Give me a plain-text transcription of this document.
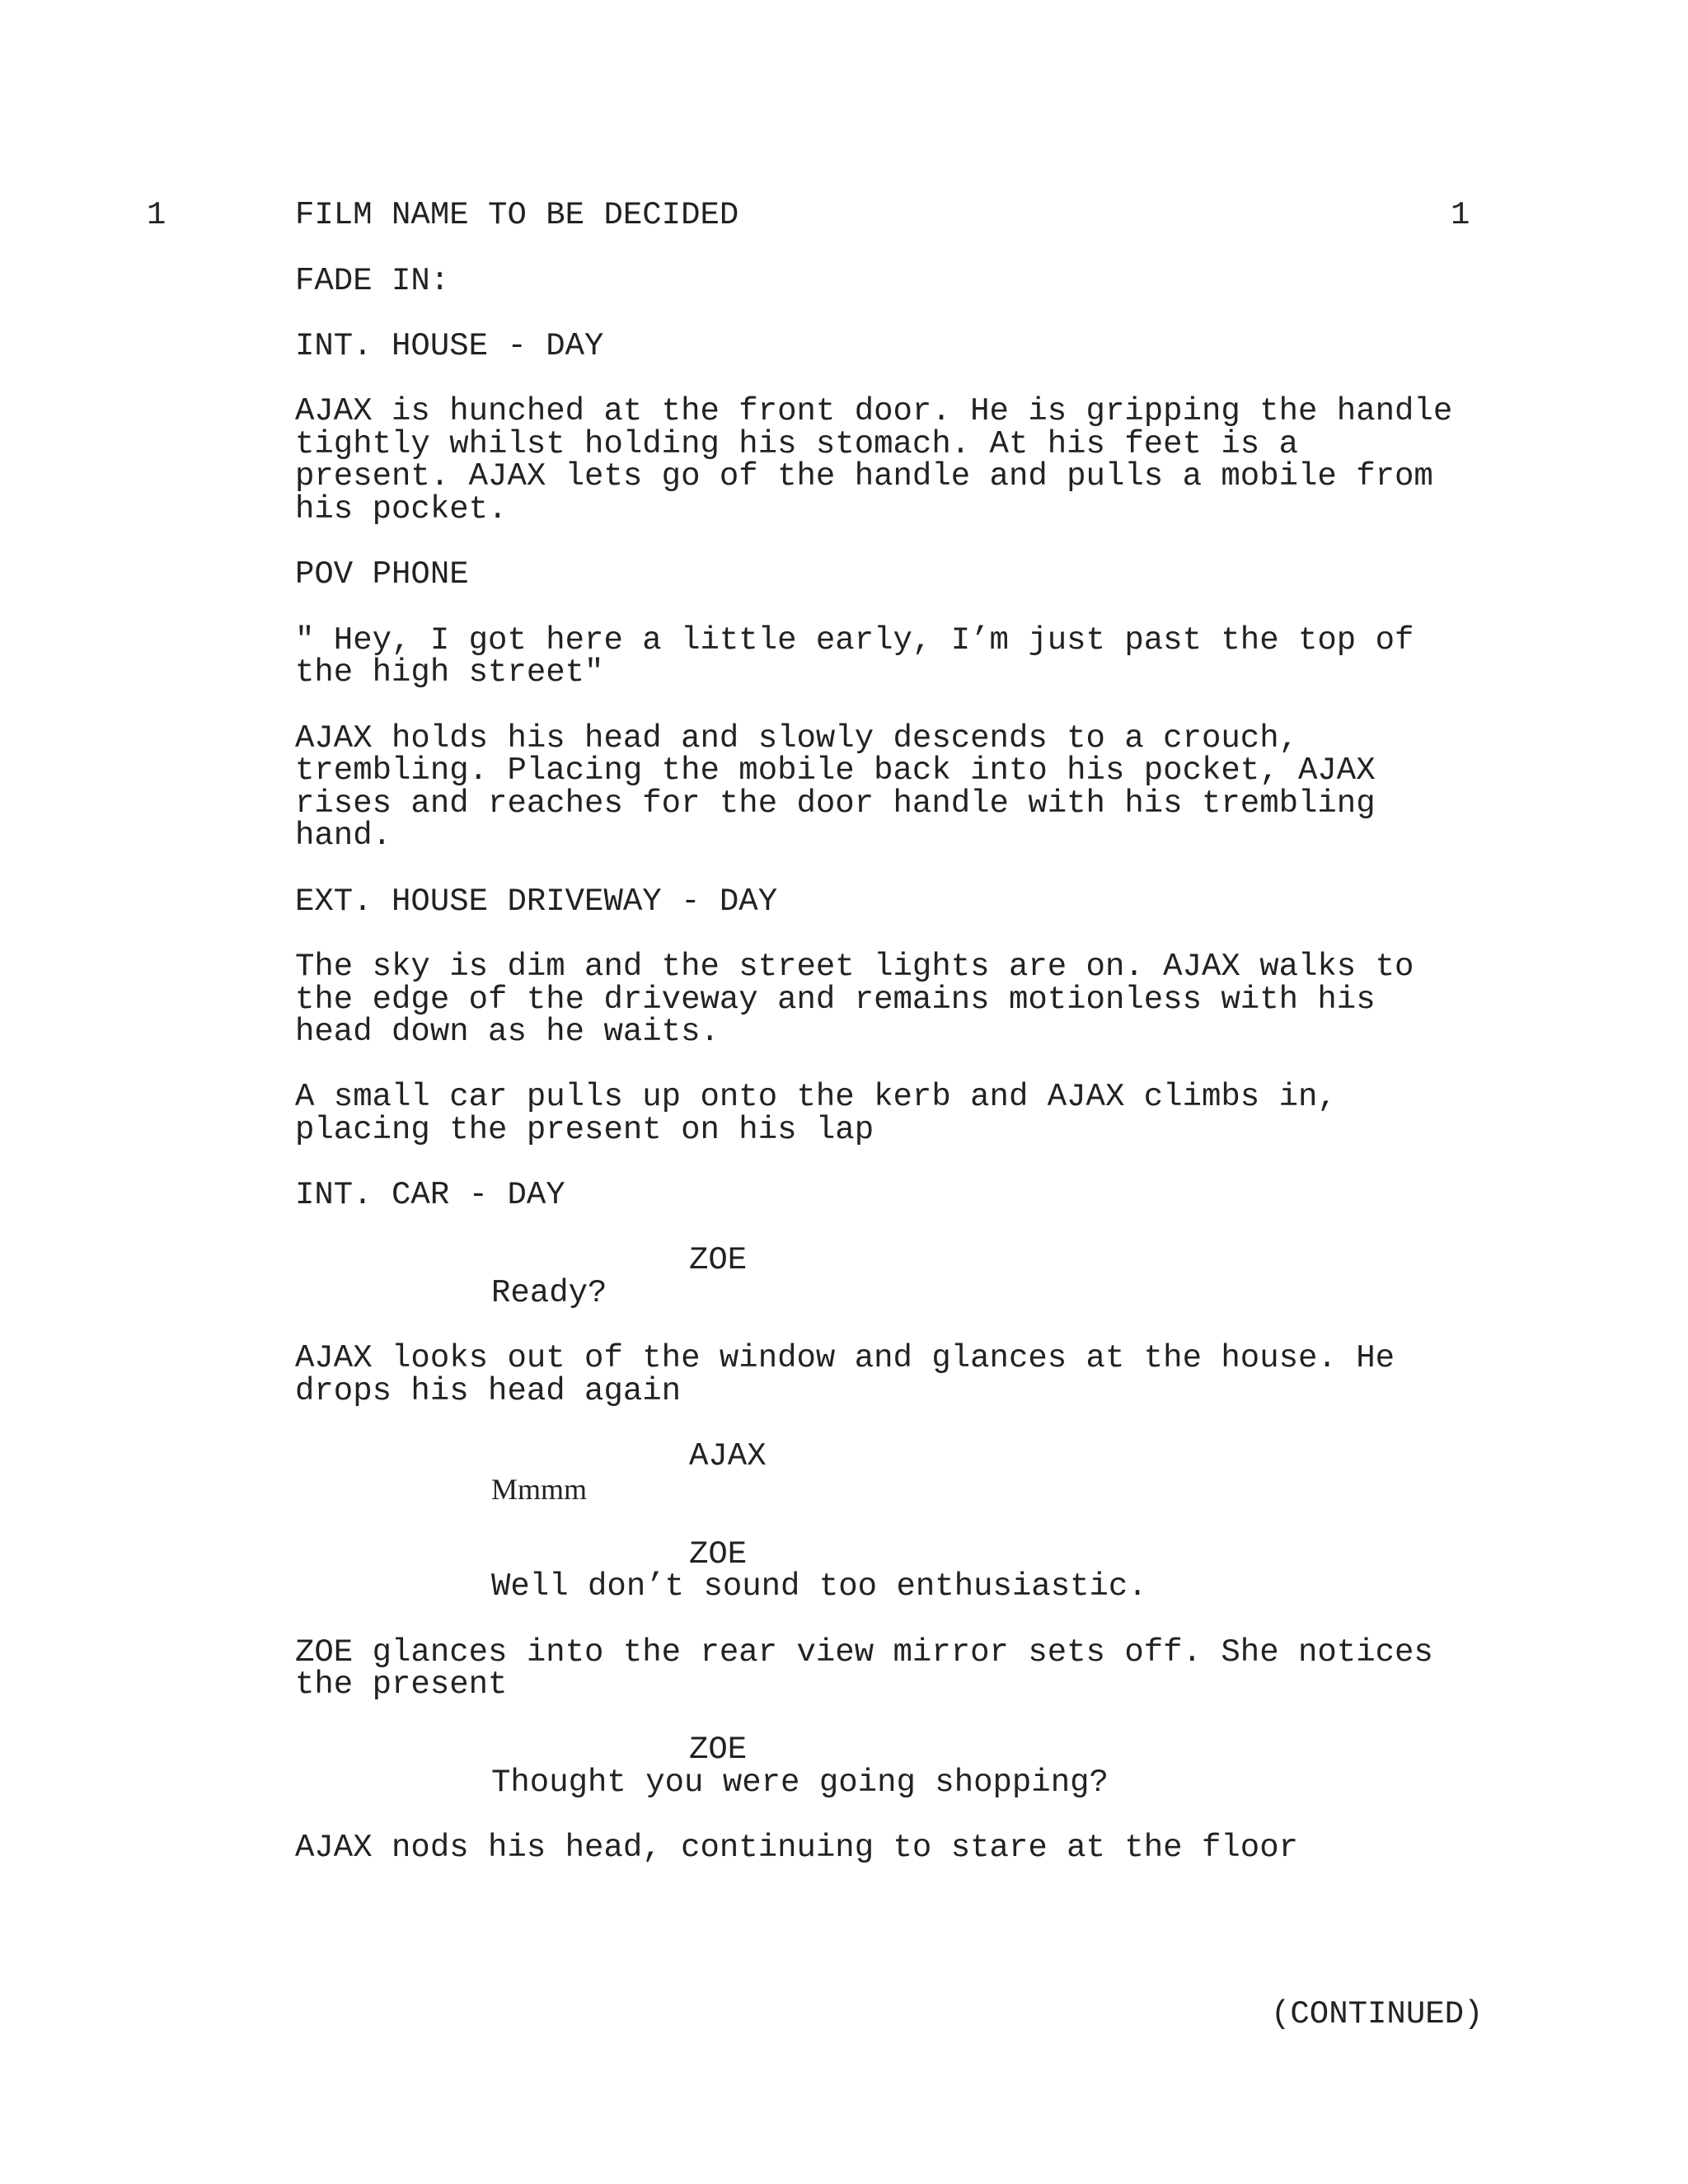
1	FILM NAME TO BE DECIDED	1

FADE IN:

INT. HOUSE - DAY

AJAX is hunched at the front door. He is gripping the handle

tightly whilst holding his stomach. At his feet is a

present. AJAX lets go of the handle and pulls a mobile from

his pocket.

POV PHONE

" Hey, I got here a little early, I’m just past the top of

the high street"

AJAX holds his head and slowly descends to a crouch,

trembling. Placing the mobile back into his pocket, AJAX

rises and reaches for the door handle with his trembling

hand.

EXT. HOUSE DRIVEWAY - DAY

The sky is dim and the street lights are on. AJAX walks to

the edge of the driveway and remains motionless with his

head down as he waits.

A small car pulls up onto the kerb and AJAX climbs in,

placing the present on his lap

INT. CAR - DAY

ZOE

Ready?

AJAX looks out of the window and glances at the house. He

drops his head again

AJAX

Mmmm

ZOE

Well don’t sound too enthusiastic.

ZOE glances into the rear view mirror sets off. She notices

the present

ZOE

Thought you were going shopping?

AJAX nods his head, continuing to stare at the floor

(CONTINUED)
